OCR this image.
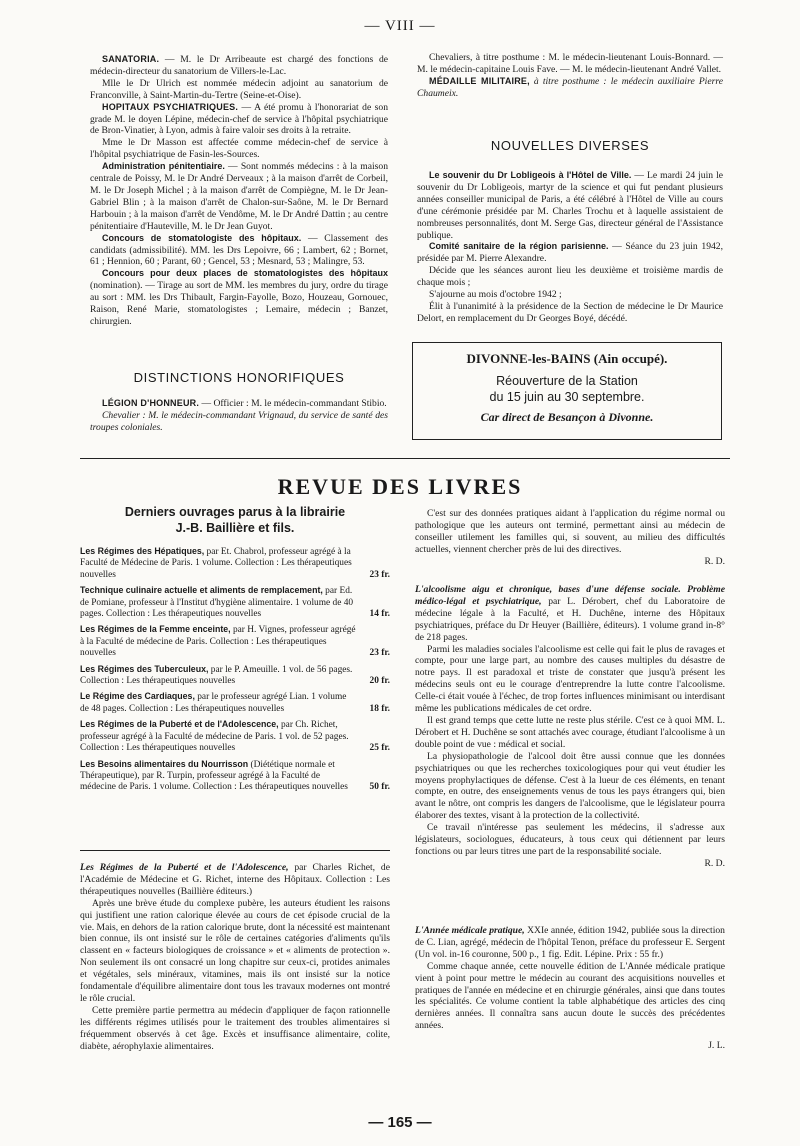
— VIII —

SANATORIA. — M. le Dr Arribeaute est chargé des fonctions de médecin-directeur du sanatorium de Villers-le-Lac.

Mlle le Dr Ulrich est nommée médecin adjoint au sanatorium de Franconville, à Saint-Martin-du-Tertre (Seine-et-Oise).

HOPITAUX PSYCHIATRIQUES. — A été promu à l'honorariat de son grade M. le doyen Lépine, médecin-chef de service à l'hôpital psychiatrique de Bron-Vinatier, à Lyon, admis à faire valoir ses droits à la retraite.

Mme le Dr Masson est affectée comme médecin-chef de service à l'hôpital psychiatrique de Fasin-les-Sources.

Administration pénitentiaire. — Sont nommés médecins : à la maison centrale de Poissy, M. le Dr André Derveaux ; à la maison d'arrêt de Corbeil, M. le Dr Joseph Michel ; à la maison d'arrêt de Compiègne, M. le Dr Jean-Gabriel Blin ; à la maison d'arrêt de Chalon-sur-Saône, M. le Dr Bernard Harbouin ; à la maison d'arrêt de Vendôme, M. le Dr André Dattin ; au centre pénitentiaire d'Hauteville, M. le Dr Jean Guyot.

Concours de stomatologiste des hôpitaux. — Classement des candidats (admissibilité). MM. les Drs Lepoivre, 66 ; Lambert, 62 ; Bornet, 61 ; Hennion, 60 ; Parant, 60 ; Gencel, 53 ; Mesnard, 53 ; Malingre, 53.

Concours pour deux places de stomatologistes des hôpitaux (nomination). — Tirage au sort de MM. les membres du jury, ordre du tirage au sort : MM. les Drs Thibault, Fargin-Fayolle, Bozo, Houzeau, Gornouec, Raison, René Marie, stomatologistes ; Lemaire, médecin ; Banzet, chirurgien.

DISTINCTIONS HONORIFIQUES

LÉGION D'HONNEUR. — Officier : M. le médecin-commandant Stibio.

Chevalier : M. le médecin-commandant Vrignaud, du service de santé des troupes coloniales.

Chevaliers, à titre posthume : M. le médecin-lieutenant Louis-Bonnard. — M. le médecin-capitaine Louis Fave. — M. le médecin-lieutenant André Vallet.

MÉDAILLE MILITAIRE, à titre posthume : le médecin auxiliaire Pierre Chaumeix.

NOUVELLES DIVERSES

Le souvenir du Dr Lobligeois à l'Hôtel de Ville. — Le mardi 24 juin le souvenir du Dr Lobligeois, martyr de la science et qui fut pendant plusieurs années conseiller municipal de Paris, a été célébré à l'Hôtel de Ville au cours d'une cérémonie présidée par M. Charles Trochu et à laquelle assistaient de nombreuses personnalités, dont M. Serge Gas, directeur général de l'Assistance publique.

Comité sanitaire de la région parisienne. — Séance du 23 juin 1942, présidée par M. Pierre Alexandre.

Décide que les séances auront lieu les deuxième et troisième mardis de chaque mois ;

S'ajourne au mois d'octobre 1942 ;

Élit à l'unanimité à la présidence de la Section de médecine le Dr Maurice Delort, en remplacement du Dr Georges Boyé, décédé.

DIVONNE-les-BAINS (Ain occupé).
Réouverture de la Station
du 15 juin au 30 septembre.
Car direct de Besançon à Divonne.
REVUE DES LIVRES
Derniers ouvrages parus à la librairie
J.-B. Baillière et fils.
Les Régimes des Hépatiques, par Et. Chabrol, professeur agrégé à la Faculté de Médecine de Paris. 1 volume. Collection : Les thérapeutiques nouvelles	23 fr.
Technique culinaire actuelle et aliments de remplacement, par Ed. de Pomiane, professeur à l'Institut d'hygiène alimentaire. 1 volume de 40 pages. Collection : Les thérapeutiques nouvelles	14 fr.
Les Régimes de la Femme enceinte, par H. Vignes, professeur agrégé à la Faculté de médecine de Paris. Collection : Les thérapeutiques nouvelles	23 fr.
Les Régimes des Tuberculeux, par le P. Ameuille. 1 vol. de 56 pages. Collection : Les thérapeutiques nouvelles	20 fr.
Le Régime des Cardiaques, par le professeur agrégé Lian. 1 volume de 48 pages. Collection : Les thérapeutiques nouvelles	18 fr.
Les Régimes de la Puberté et de l'Adolescence, par Ch. Richet, professeur agrégé à la Faculté de médecine de Paris. 1 vol. de 52 pages. Collection : Les thérapeutiques nouvelles	25 fr.
Les Besoins alimentaires du Nourrisson (Diététique normale et Thérapeutique), par R. Turpin, professeur agrégé à la Faculté de médecine de Paris. 1 volume. Collection : Les thérapeutiques nouvelles 50 fr.

Les Régimes de la Puberté et de l'Adolescence, par Charles Richet, de l'Académie de Médecine et G. Richet, interne des Hôpitaux. Collection : Les thérapeutiques nouvelles (Baillière éditeurs.)

Après une brève étude du complexe pubère, les auteurs étudient les raisons qui justifient une ration calorique élevée au cours de cet épisode crucial de la vie. Mais, en dehors de la ration calorique brute, dont la nécessité est maintenant bien connue, ils ont insisté sur le rôle de certaines catégories d'aliments qu'ils classent en « facteurs biologiques de croissance » et « aliments de protection ». Non seulement ils ont consacré un long chapitre sur ceux-ci, protides animales et végétales, sels minéraux, vitamines, mais ils ont insisté sur la notice fondamentale d'équilibre alimentaire dont tous les travaux modernes ont montré le rôle crucial.

Cette première partie permettra au médecin d'appliquer de façon rationnelle les différents régimes utilisés pour le traitement des troubles alimentaires si fréquemment observés à cet âge. Excès et insuffisance alimentaire, colite, diabète, aérophylaxie alimentaires.

C'est sur des données pratiques aidant à l'application du régime normal ou pathologique que les auteurs ont terminé, permettant ainsi au médecin de conseiller utilement les familles qui, si souvent, au milieu des difficultés actuelles, viennent chercher près de lui des directives.

R. D.

L'alcoolisme aigu et chronique, bases d'une défense sociale. Problème médico-légal et psychiatrique, par L. Dérobert, chef du Laboratoire de médecine légale à la Faculté, et H. Duchêne, interne des Hôpitaux psychiatriques, préface du Dr Heuyer (Baillière, éditeurs). 1 volume grand in-8° de 218 pages.

Parmi les maladies sociales l'alcoolisme est celle qui fait le plus de ravages et compte, pour une large part, au nombre des causes multiples du désastre de notre pays. Il est paradoxal et triste de constater que jusqu'à présent les médecins seuls ont eu le courage d'entreprendre la lutte contre l'alcoolisme. Celle-ci était vouée à l'échec, de trop fortes influences minimisant ou interdisant même les publications médicales de cet ordre.

Il est grand temps que cette lutte ne reste plus stérile. C'est ce à quoi MM. L. Dérobert et H. Duchêne se sont attachés avec courage, étudiant l'alcoolisme à un double point de vue : médical et social.

La physiopathologie de l'alcool doit être aussi connue que les données psychiatriques ou que les recherches toxicologiques pour qui veut étudier les moyens prophylactiques de défense. C'est à la lueur de ces éléments, en tenant compte, en outre, des enseignements venus de tous les pays étrangers qui, bien avant le nôtre, ont compris les dangers de l'alcoolisme, que le législateur pourra élaborer des textes, visant à la protection de la collectivité.

Ce travail n'intéresse pas seulement les médecins, il s'adresse aux législateurs, sociologues, éducateurs, à tous ceux qui détiennent par leurs fonctions ou par leurs titres une part de la responsabilité sociale.

R. D.

L'Année médicale pratique, XXIe année, édition 1942, publiée sous la direction de C. Lian, agrégé, médecin de l'hôpital Tenon, préface du professeur E. Sergent (Un vol. in-16 couronne, 500 p., 1 fig. Edit. Lépine. Prix : 55 fr.)

Comme chaque année, cette nouvelle édition de L'Année médicale pratique vient à point pour mettre le médecin au courant des acquisitions nouvelles et pratiques de l'année en médecine et en chirurgie générales, ainsi que dans toutes les spécialités. Ce volume contient la table alphabétique des articles des cinq dernières années. Il connaîtra sans aucun doute le succès des précédentes années.

J. L.
— 165 —
